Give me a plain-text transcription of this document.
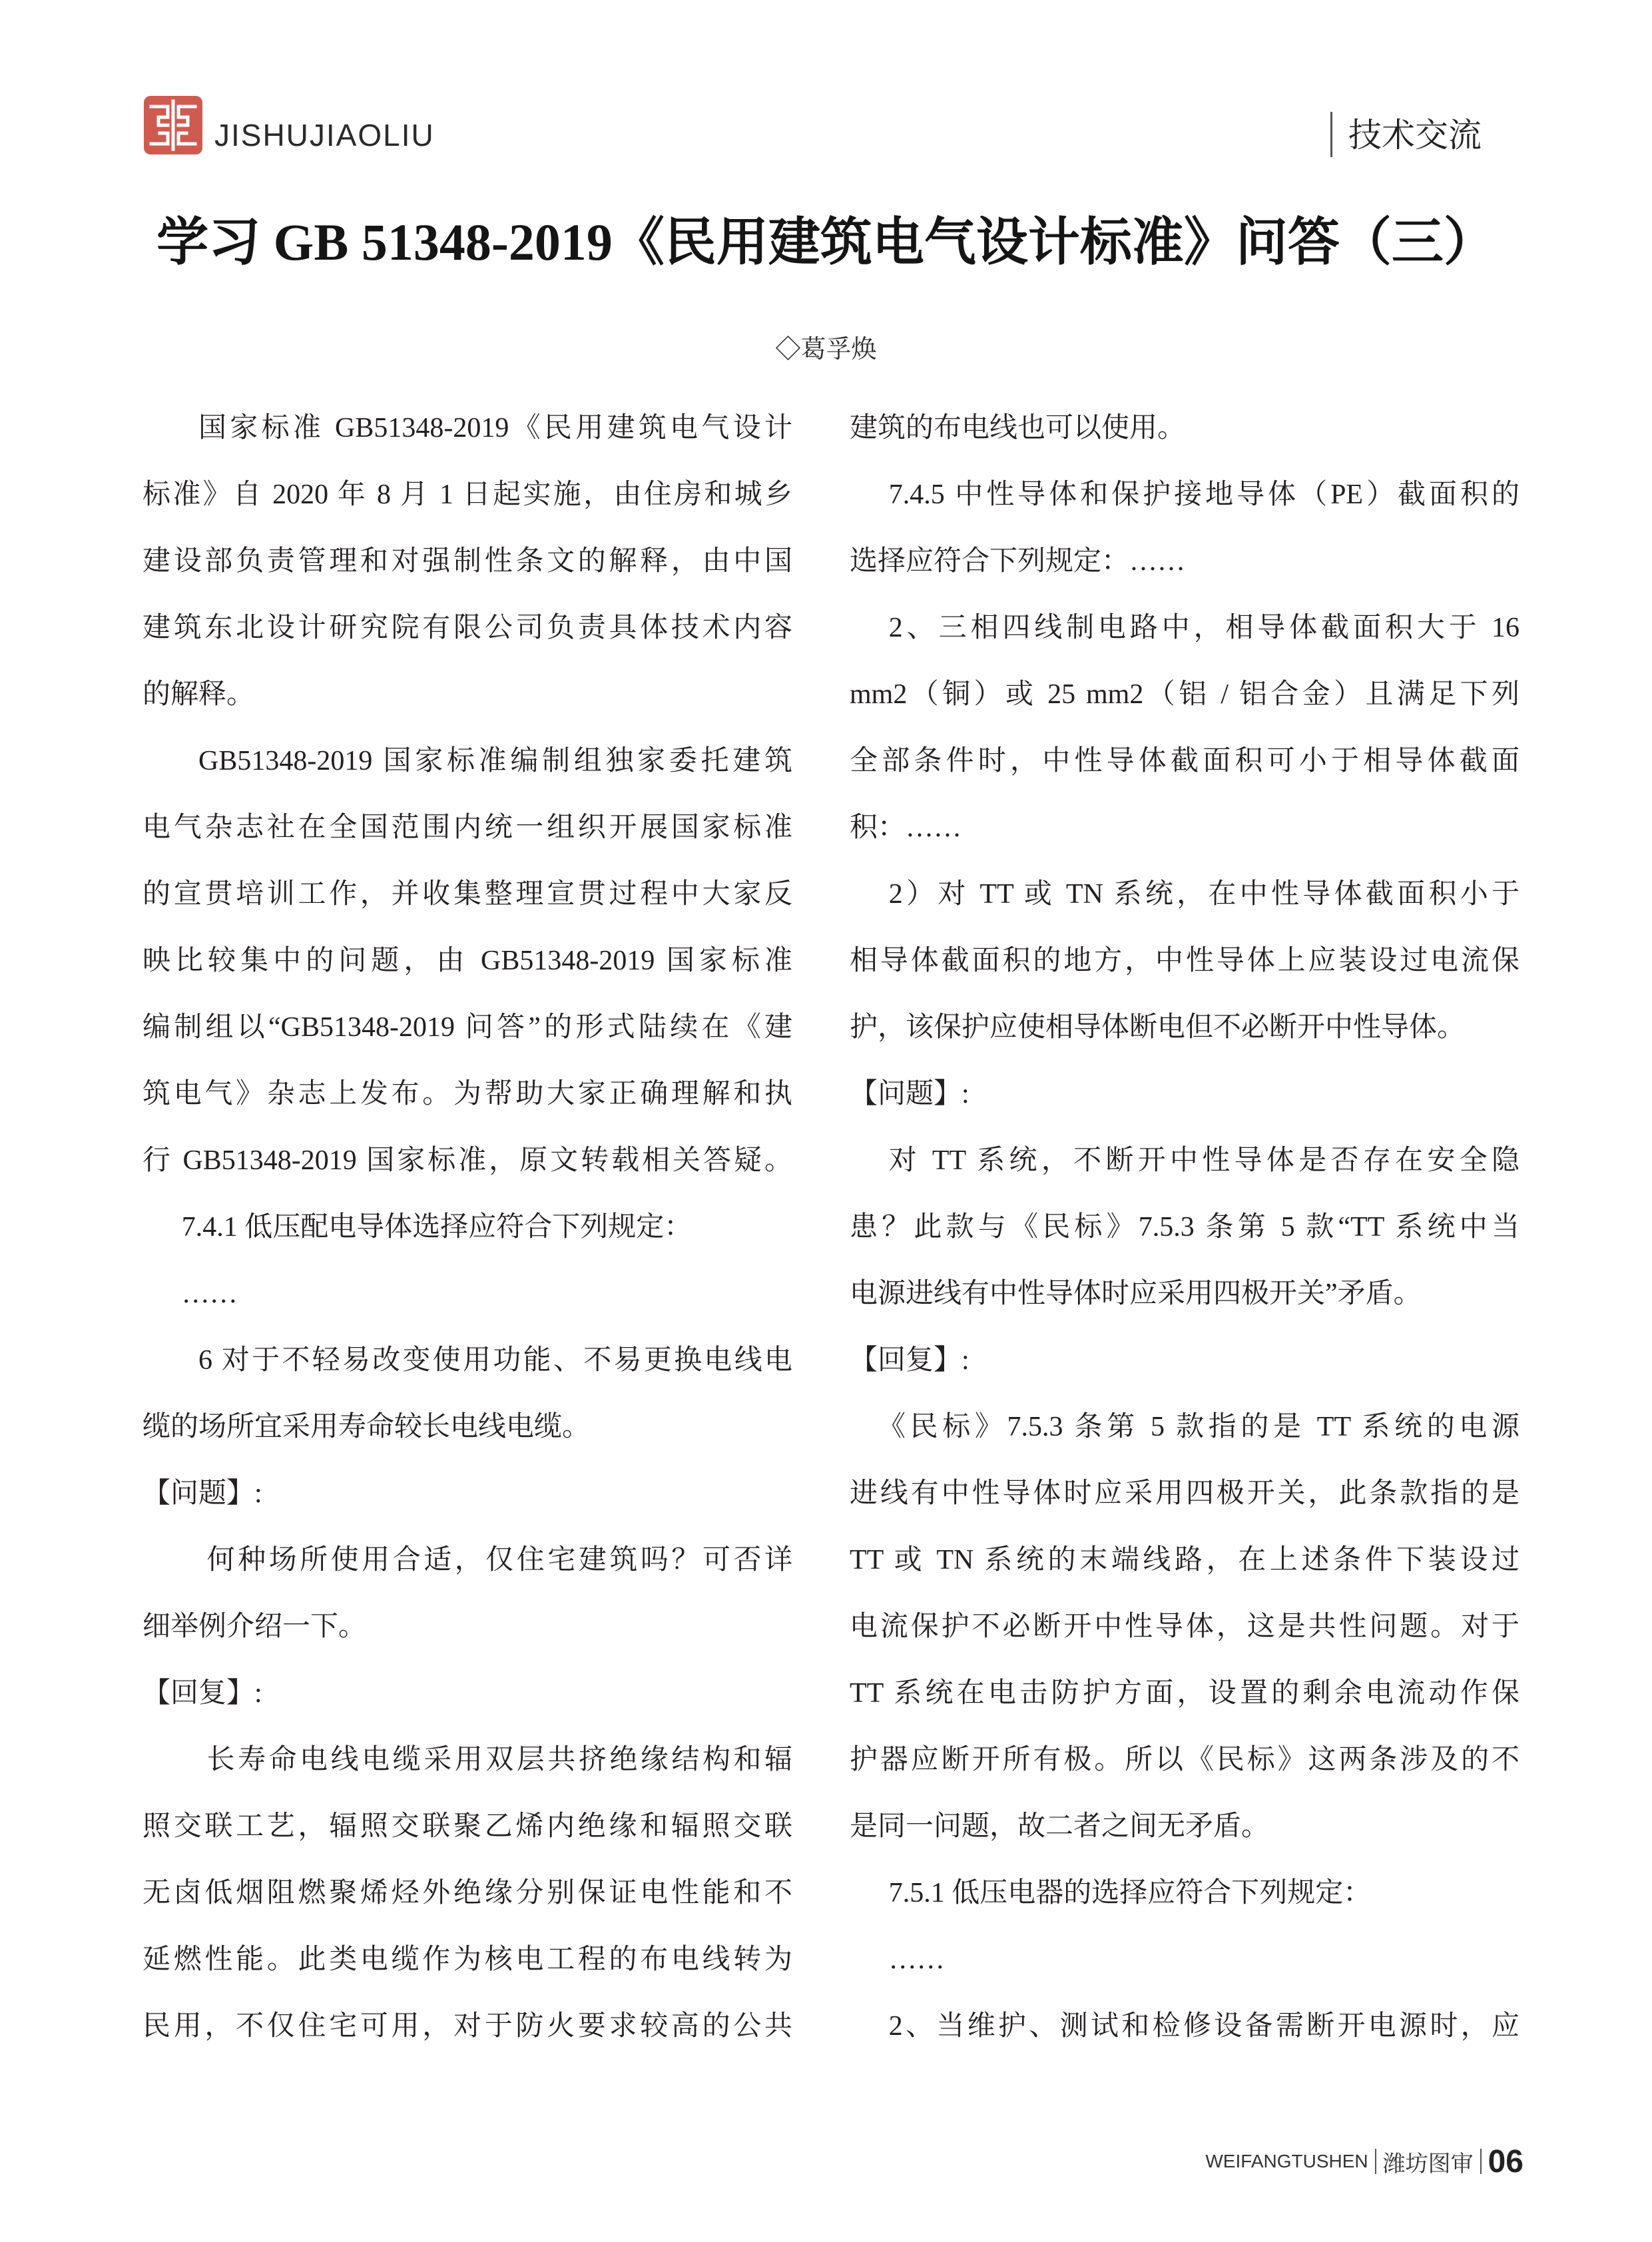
JISHUJIAOLIU	技术交流
学习 GB 51348-2019《民用建筑电气设计标准》问答（三）
◇葛孚焕
国家标准 GB51348-2019《民用建筑电气设计
标准》自 2020 年 8 月 1 日起实施，由住房和城乡
建设部负责管理和对强制性条文的解释，由中国
建筑东北设计研究院有限公司负责具体技术内容
的解释。
GB51348-2019 国家标准编制组独家委托建筑
电气杂志社在全国范围内统一组织开展国家标准
的宣贯培训工作，并收集整理宣贯过程中大家反
映比较集中的问题，由 GB51348-2019 国家标准
编制组以“GB51348-2019 问答”的形式陆续在《建
筑电气》杂志上发布。为帮助大家正确理解和执
行 GB51348-2019 国家标准，原文转载相关答疑。
7.4.1 低压配电导体选择应符合下列规定：
……
6 对于不轻易改变使用功能、不易更换电线电
缆的场所宜采用寿命较长电线电缆。
【问题】:
何种场所使用合适，仅住宅建筑吗？可否详
细举例介绍一下。
【回复】:
长寿命电线电缆采用双层共挤绝缘结构和辐
照交联工艺，辐照交联聚乙烯内绝缘和辐照交联
无卤低烟阻燃聚烯烃外绝缘分别保证电性能和不
延燃性能。此类电缆作为核电工程的布电线转为
民用，不仅住宅可用，对于防火要求较高的公共
建筑的布电线也可以使用。
7.4.5 中性导体和保护接地导体（PE）截面积的
选择应符合下列规定：……
2、三相四线制电路中，相导体截面积大于 16
mm2（铜）或 25 mm2（铝 / 铝合金）且满足下列
全部条件时，中性导体截面积可小于相导体截面
积：……
2）对 TT 或 TN 系统，在中性导体截面积小于
相导体截面积的地方，中性导体上应装设过电流保
护，该保护应使相导体断电但不必断开中性导体。
【问题】:
对 TT 系统，不断开中性导体是否存在安全隐
患？此款与《民标》7.5.3 条第 5 款“TT 系统中当
电源进线有中性导体时应采用四极开关”矛盾。
【回复】:
《民标》7.5.3 条第 5 款指的是 TT 系统的电源
进线有中性导体时应采用四极开关，此条款指的是
TT 或 TN 系统的末端线路，在上述条件下装设过
电流保护不必断开中性导体，这是共性问题。对于
TT 系统在电击防护方面，设置的剩余电流动作保
护器应断开所有极。所以《民标》这两条涉及的不
是同一问题，故二者之间无矛盾。
7.5.1 低压电器的选择应符合下列规定：
……
2、当维护、测试和检修设备需断开电源时，应
WEIFANGTUSHEN 潍坊图审 06
